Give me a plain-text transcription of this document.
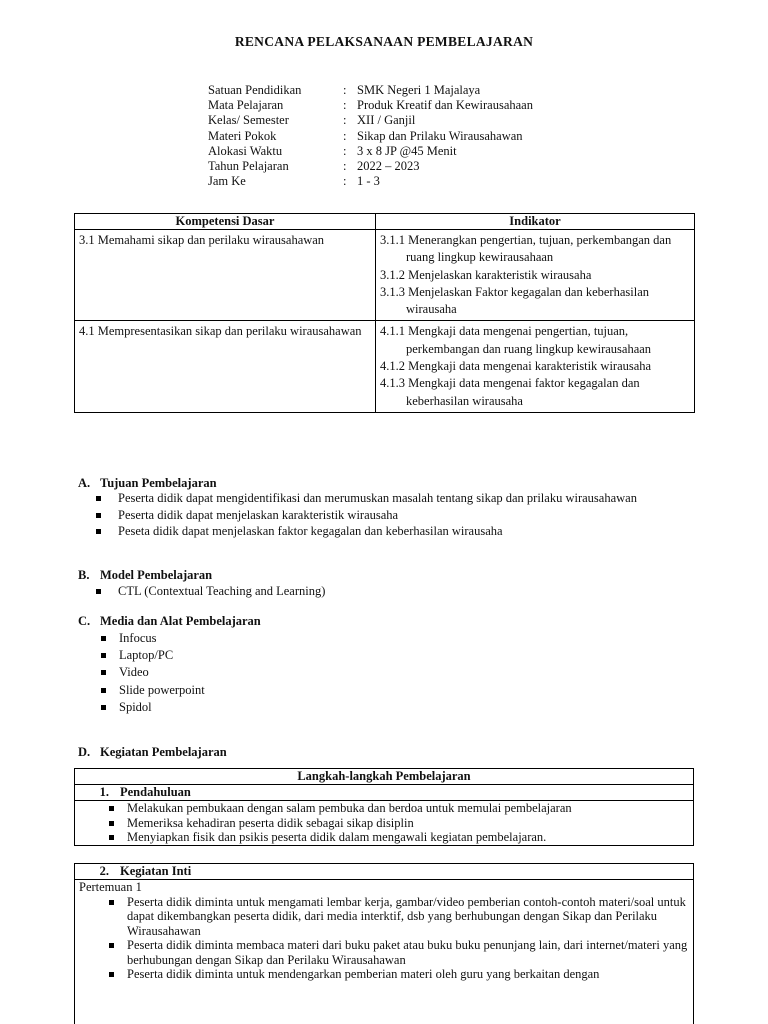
RENCANA PELAKSANAAN PEMBELAJARAN
Satuan Pendidikan	: SMK Negeri 1 Majalaya
Mata Pelajaran	: Produk Kreatif dan Kewirausahaan
Kelas/ Semester	: XII / Ganjil
Materi Pokok	: Sikap dan Prilaku Wirausahawan
Alokasi Waktu	: 3 x 8 JP @45 Menit
Tahun Pelajaran	: 2022 – 2023
Jam Ke	: 1 - 3
Kompetensi Dasar	Indikator
3.1 Memahami sikap dan perilaku wirausahawan	3.1.1 Menerangkan pengertian, tujuan, perkembangan dan ruang lingkup kewirausahaan
3.1.2 Menjelaskan karakteristik wirausaha
3.1.3 Menjelaskan Faktor kegagalan dan keberhasilan wirausaha

4.1 Mempresentasikan sikap dan perilaku wirausahawan	4.1.1 Mengkaji data mengenai pengertian, tujuan, perkembangan dan ruang lingkup kewirausahaan
4.1.2 Mengkaji data mengenai karakteristik wirausaha
4.1.3 Mengkaji data mengenai faktor kegagalan dan keberhasilan wirausaha
A. Tujuan Pembelajaran
Peserta didik dapat mengidentifikasi dan merumuskan masalah tentang sikap dan prilaku wirausahawan
Peserta didik dapat menjelaskan karakteristik wirausaha
Peseta didik dapat menjelaskan faktor kegagalan dan keberhasilan wirausaha
B. Model Pembelajaran
CTL (Contextual Teaching and Learning)
C. Media dan Alat Pembelajaran
Infocus
Laptop/PC
Video
Slide powerpoint
Spidol
D. Kegiatan Pembelajaran
Langkah-langkah Pembelajaran
1. Pendahuluan
Melakukan pembukaan dengan salam pembuka dan berdoa untuk memulai pembelajaran
Memeriksa kehadiran peserta didik sebagai sikap disiplin
Menyiapkan fisik dan psikis peserta didik dalam mengawali kegiatan pembelajaran.
2. Kegiatan Inti
Pertemuan 1
Peserta didik diminta untuk mengamati lembar kerja, gambar/video pemberian contoh-contoh materi/soal untuk dapat dikembangkan peserta didik, dari media interktif, dsb yang berhubungan dengan Sikap dan Perilaku Wirausahawan
Peserta didik diminta membaca materi dari buku paket atau buku buku penunjang lain, dari internet/materi yang berhubungan dengan Sikap dan Perilaku Wirausahawan
Peserta didik diminta untuk mendengarkan pemberian materi oleh guru yang berkaitan dengan
